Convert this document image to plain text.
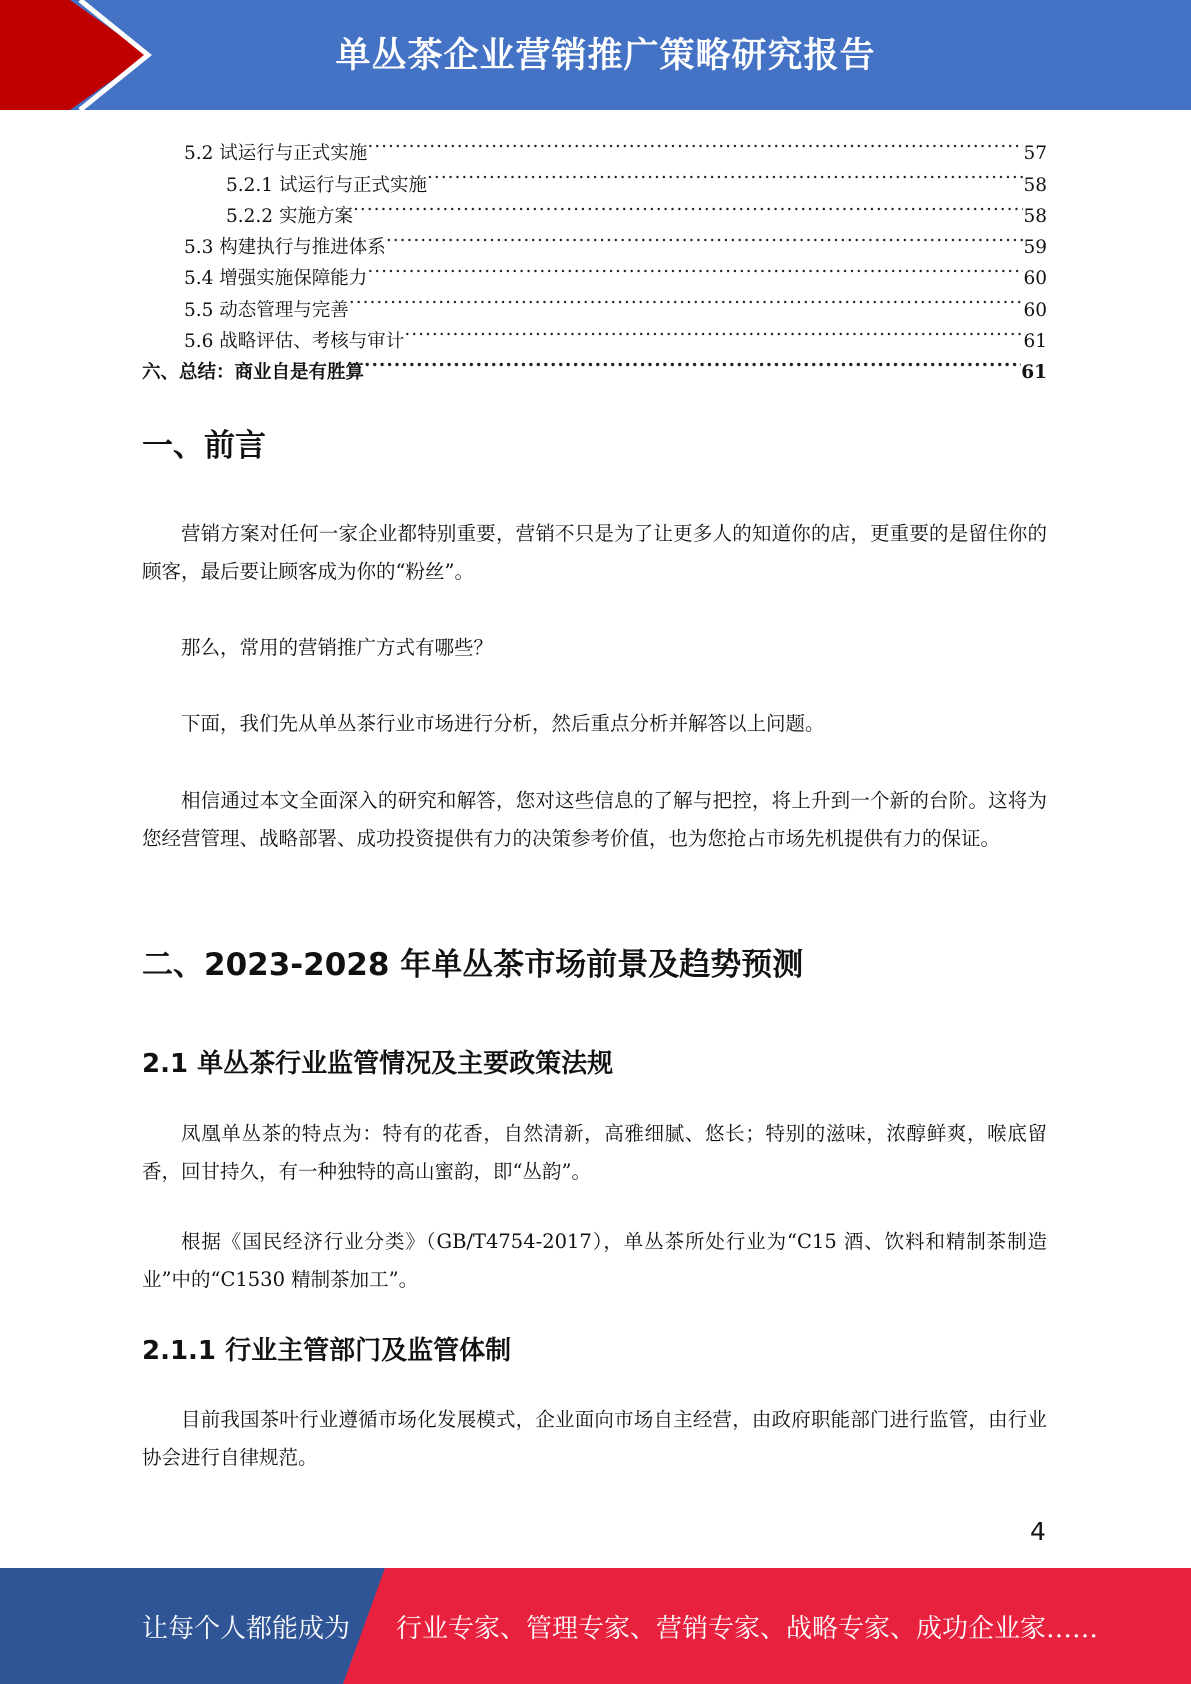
单丛茶企业营销推广策略研究报告
5.2 试运行与正式实施 .....	57
5.2.1 试运行与正式实施 .....	58
5.2.2 实施方案 .....	58
5.3 构建执行与推进体系 .....	59
5.4 增强实施保障能力 .....	60
5.5 动态管理与完善 .....	60
5.6 战略评估、考核与审计 .....	61
六、总结：商业自是有胜算 .....	61
一、前言

营销方案对任何一家企业都特别重要，营销不只是为了让更多人的知道你的店，更重要的是留住你的顾客，最后要让顾客成为你的“粉丝”。

那么，常用的营销推广方式有哪些？

下面，我们先从单丛茶行业市场进行分析，然后重点分析并解答以上问题。

相信通过本文全面深入的研究和解答，您对这些信息的了解与把控，将上升到一个新的台阶。这将为您经营管理、战略部署、成功投资提供有力的决策参考价值，也为您抢占市场先机提供有力的保证。

二、2023-2028 年单丛茶市场前景及趋势预测
2.1 单丛茶行业监管情况及主要政策法规

凤凰单丛茶的特点为：特有的花香，自然清新，高雅细腻、悠长；特别的滋味，浓醇鲜爽，喉底留香，回甘持久，有一种独特的高山蜜韵，即“丛韵”。

根据《国民经济行业分类》（GB/T4754-2017），单丛茶所处行业为“C15 酒、饮料和精制茶制造业”中的“C1530 精制茶加工”。

2.1.1 行业主管部门及监管体制

目前我国茶叶行业遵循市场化发展模式，企业面向市场自主经营，由政府职能部门进行监管，由行业协会进行自律规范。

4
让每个人都能成为 行业专家、管理专家、营销专家、战略专家、成功企业家……
